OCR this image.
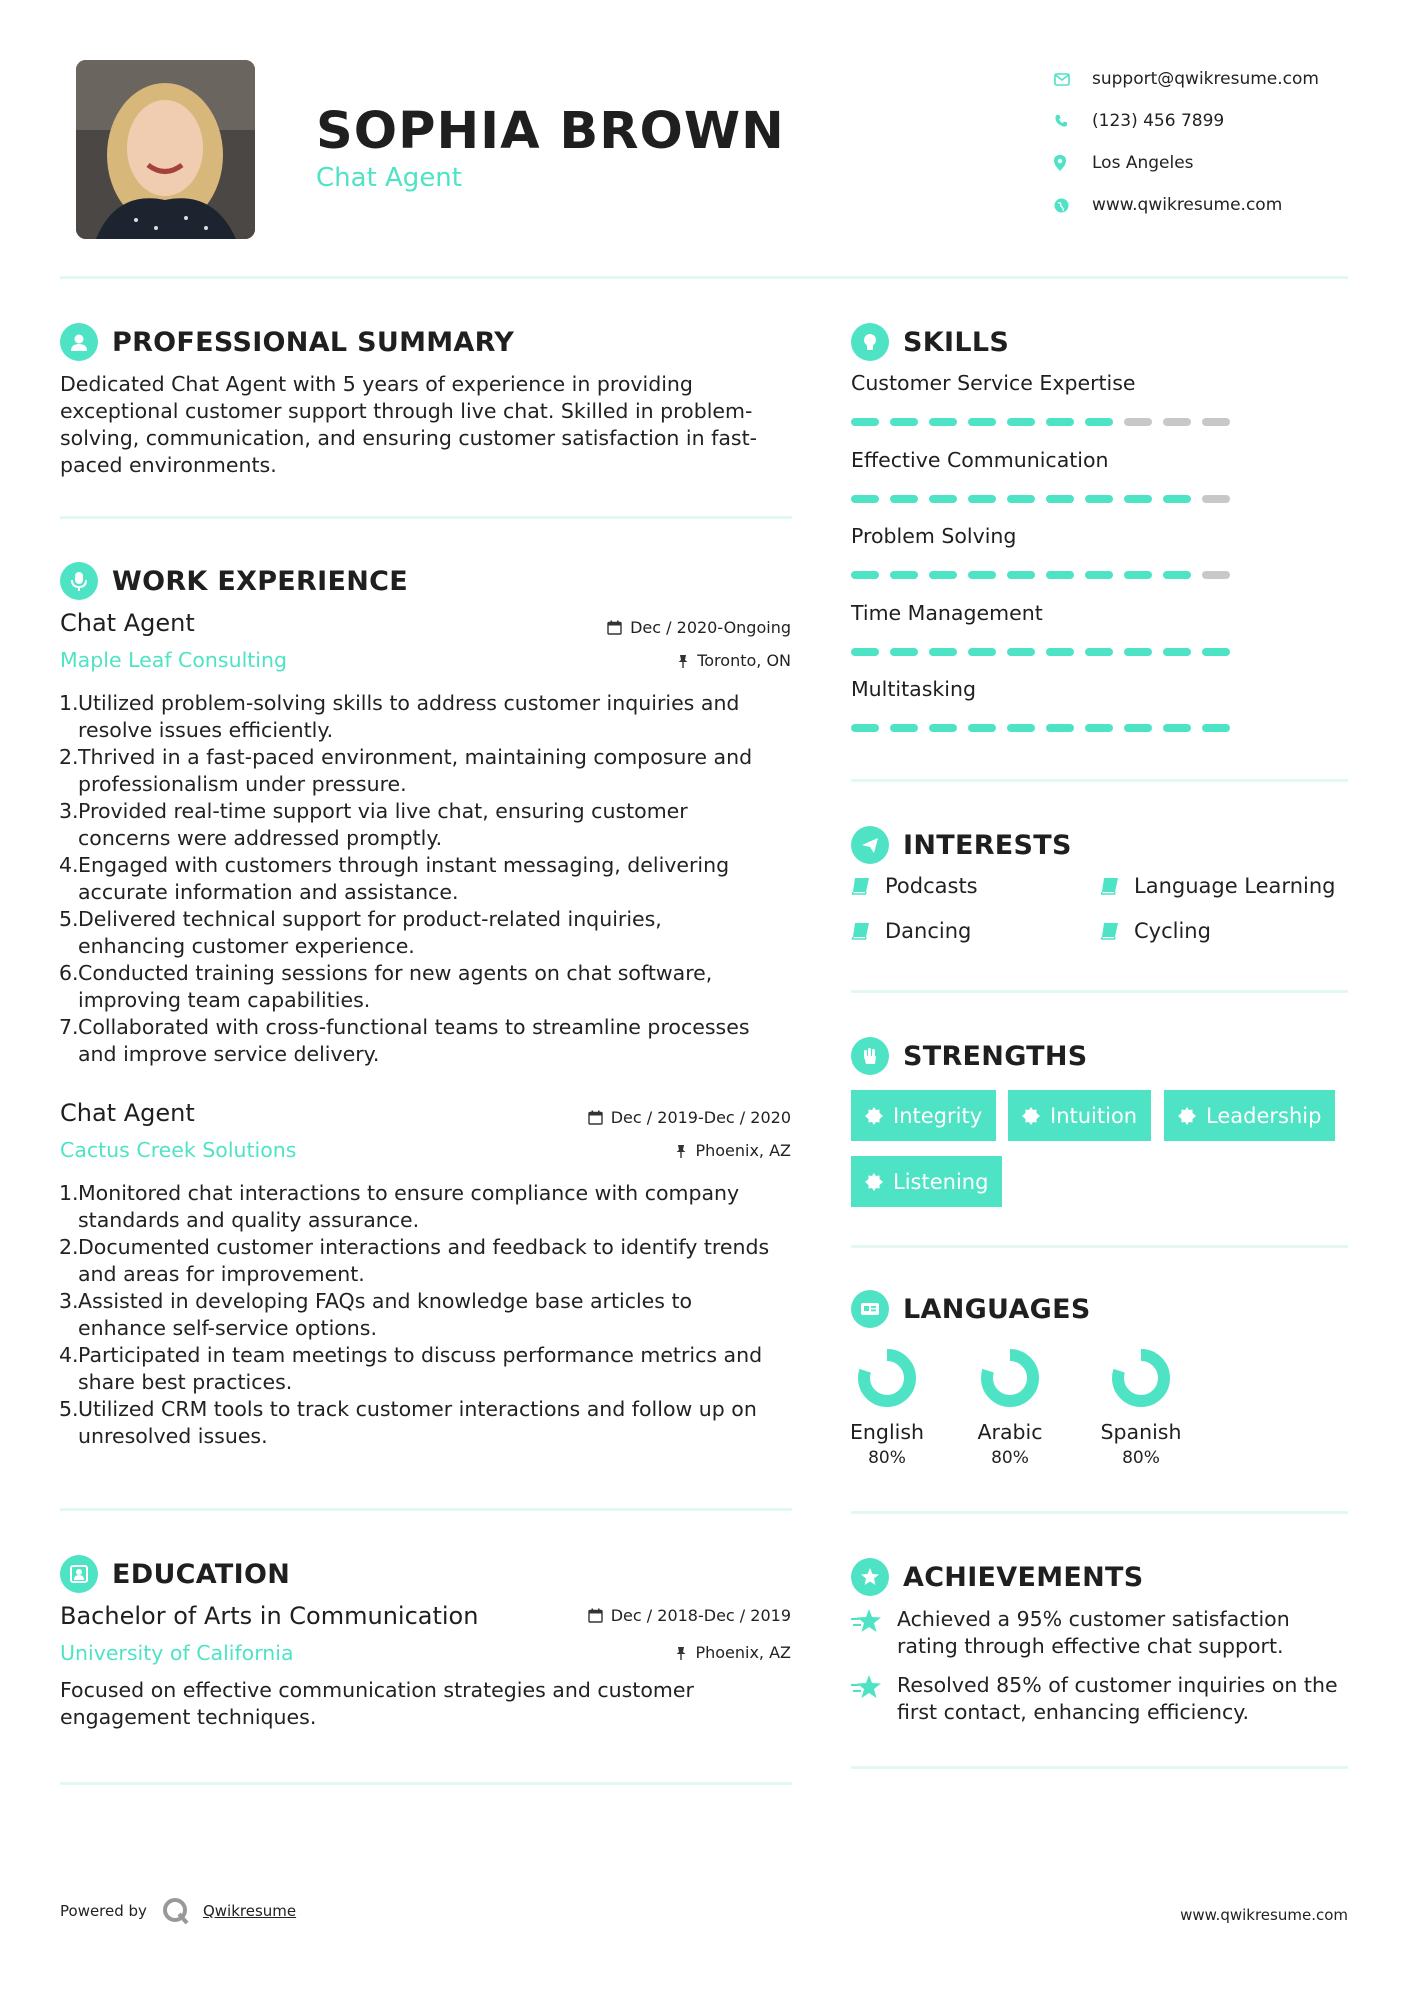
SOPHIA BROWN
Chat Agent
support@qwikresume.com
(123) 456 7899
Los Angeles
www.qwikresume.com
PROFESSIONAL SUMMARY
Dedicated Chat Agent with 5 years of experience in providing
exceptional customer support through live chat. Skilled in problem-
solving, communication, and ensuring customer satisfaction in fast-
paced environments.
WORK EXPERIENCE
Chat Agent
Maple Leaf Consulting
Dec / 2020-Ongoing
Toronto, ON
1. Utilized problem-solving skills to address customer inquiries and
resolve issues efficiently.
2. Thrived in a fast-paced environment, maintaining composure and
professionalism under pressure.
3. Provided real-time support via live chat, ensuring customer
concerns were addressed promptly.
4. Engaged with customers through instant messaging, delivering
accurate information and assistance.
5. Delivered technical support for product-related inquiries,
enhancing customer experience.
6. Conducted training sessions for new agents on chat software,
improving team capabilities.
7. Collaborated with cross-functional teams to streamline processes
and improve service delivery.
Chat Agent
Cactus Creek Solutions
Dec / 2019-Dec / 2020
Phoenix, AZ
1. Monitored chat interactions to ensure compliance with company
standards and quality assurance.
2. Documented customer interactions and feedback to identify trends
and areas for improvement.
3. Assisted in developing FAQs and knowledge base articles to
enhance self-service options.
4. Participated in team meetings to discuss performance metrics and
share best practices.
5. Utilized CRM tools to track customer interactions and follow up on
unresolved issues.
EDUCATION
Bachelor of Arts in Communication
University of California
Dec / 2018-Dec / 2019
Phoenix, AZ
Focused on effective communication strategies and customer
engagement techniques.
SKILLS
Customer Service Expertise
Effective Communication
Problem Solving
Time Management
Multitasking
INTERESTS
Podcasts	Language Learning
Dancing	Cycling
STRENGTHS
Integrity	Intuition	Leadership
Listening
LANGUAGES
English
80%
Arabic
80%
Spanish
80%
ACHIEVEMENTS
Achieved a 95% customer satisfaction
rating through effective chat support.
Resolved 85% of customer inquiries on the
first contact, enhancing efficiency.
Powered by	Qwikresume	www.qwikresume.com
